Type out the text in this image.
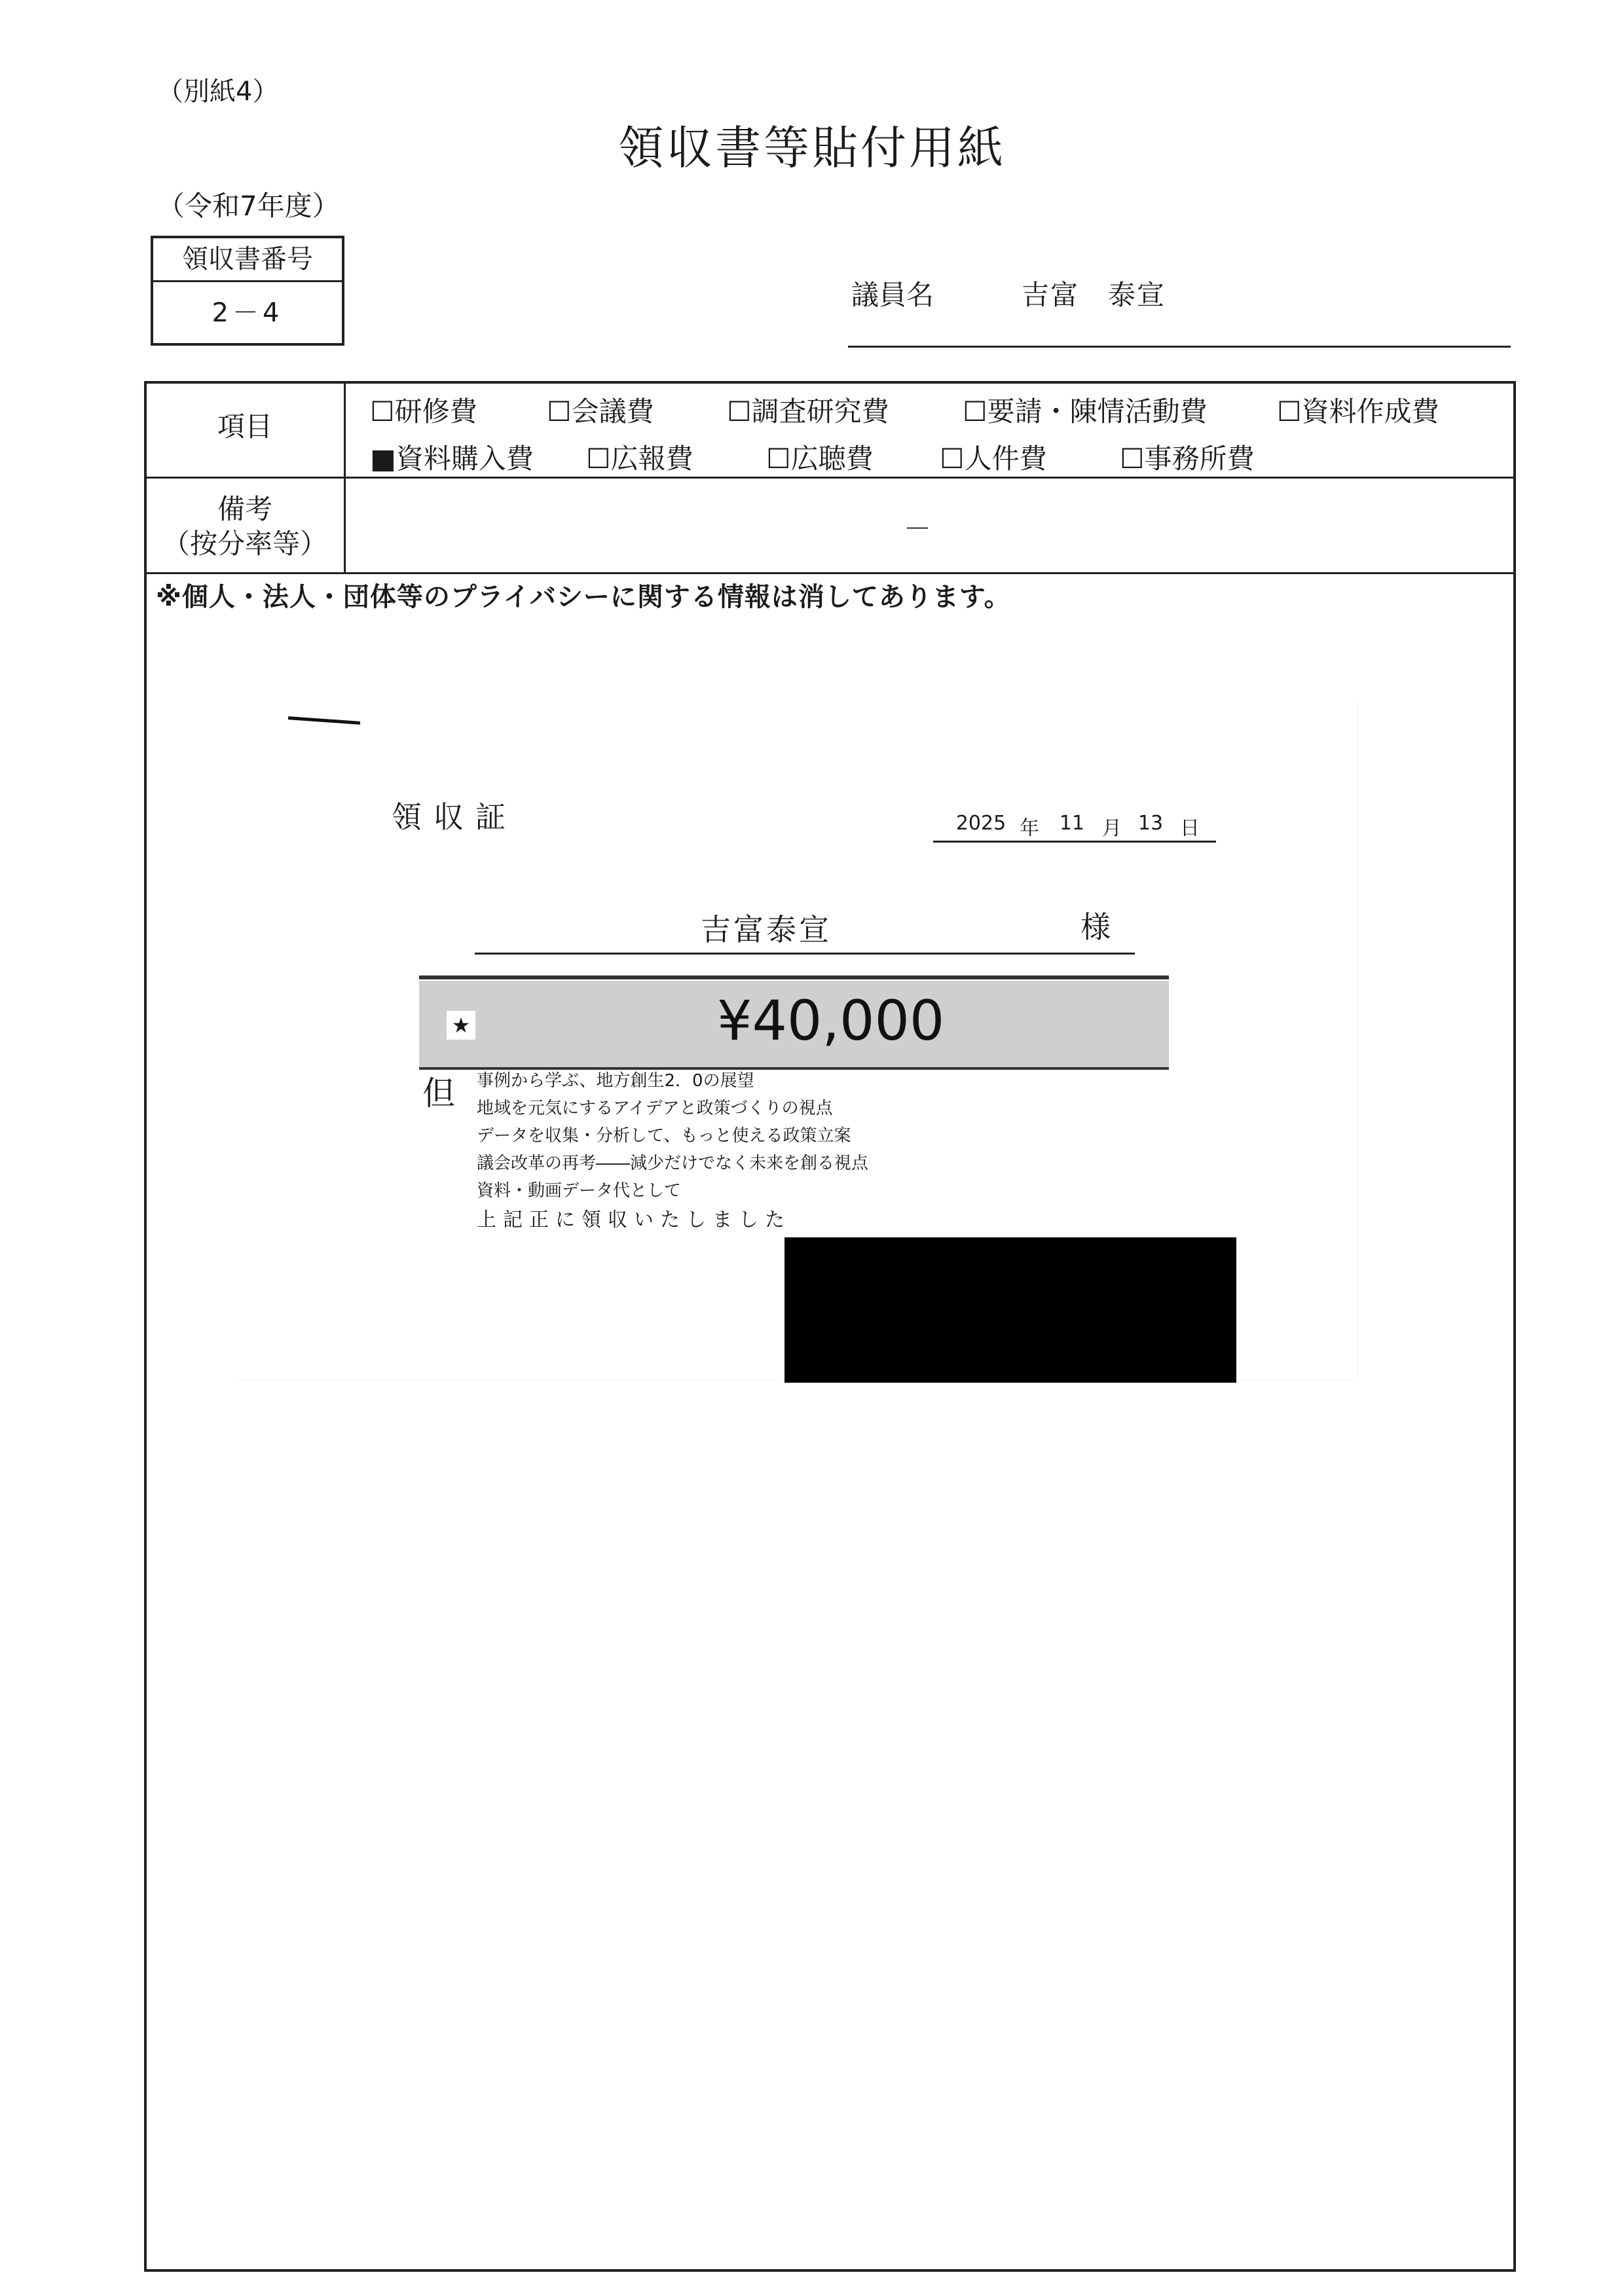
（別紙4）
領収書等貼付用紙
（令和7年度）
領収書番号
2－4
議員名	吉富　泰宣
項目	☐研修費	☐会議費	☐調査研究費	☐要請・陳情活動費	☐資料作成費
■資料購入費 ☐広報費	☐広聴費 ☐人件費	☐事務所費
備考
（按分率等）	－
※個人・法人・団体等のプライバシーに関する情報は消してあります。
領収証	2025 年	11 月 13 日
吉富泰宣	様
★	¥40,000
但 事例から学ぶ、地方創生2．0の展望
地域を元気にするアイデアと政策づくりの視点
データを収集・分析して、もっと使える政策立案
議会改革の再考――減少だけでなく未来を創る視点
資料・動画データ代として
上記正に領収いたしました
